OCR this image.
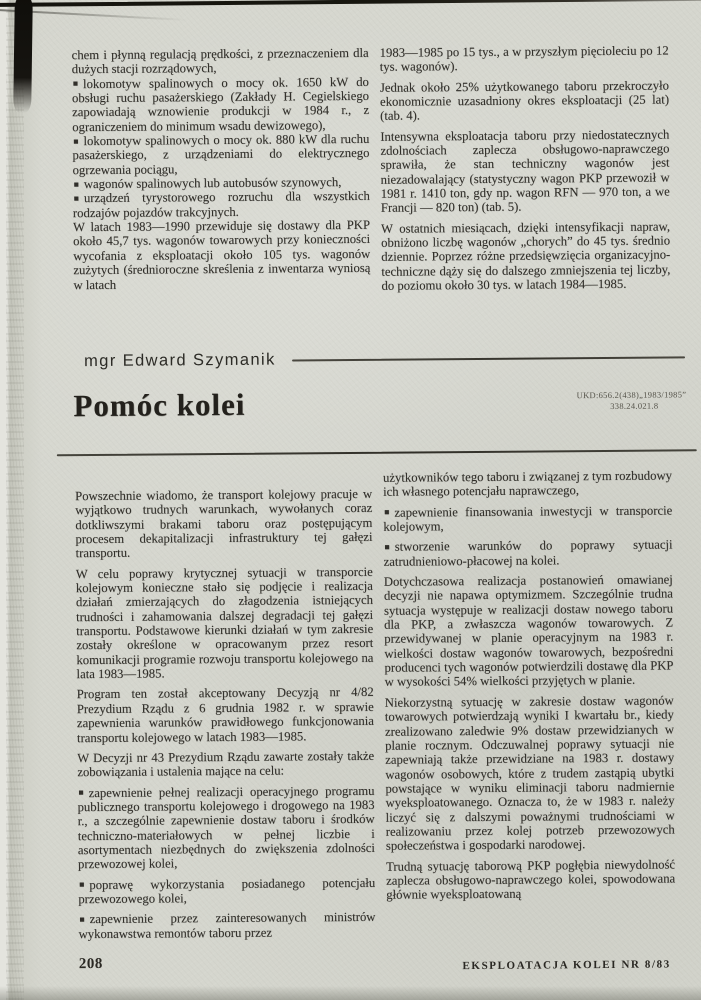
chem i płynną regulacją prędkości, z przeznaczeniem dla dużych stacji rozrządowych,

■ lokomotyw spalinowych o mocy ok. 1650 kW do obsługi ruchu pasażerskiego (Zakłady H. Cegielskiego zapowiadają wznowienie produkcji w 1984 r., z ograniczeniem do minimum wsadu dewizowego),

■ lokomotyw spalinowych o mocy ok. 880 kW dla ruchu pasażerskiego, z urządzeniami do elektrycznego ogrzewania pociągu,

■ wagonów spalinowych lub autobusów szynowych,

■ urządzeń tyrystorowego rozruchu dla wszystkich rodzajów pojazdów trakcyjnych.

W latach 1983—1990 przewiduje się dostawy dla PKP około 45,7 tys. wagonów towarowych przy konieczności wycofania z eksploatacji około 105 tys. wagonów zużytych (średnioroczne skreślenia z inwentarza wyniosą w latach

1983—1985 po 15 tys., a w przyszłym pięcioleciu po 12 tys. wagonów).

Jednak około 25% użytkowanego taboru przekroczyło ekonomicznie uzasadniony okres eksploatacji (25 lat) (tab. 4).

Intensywna eksploatacja taboru przy niedostatecznych zdolnościach zaplecza obsługowo-naprawczego sprawiła, że stan techniczny wagonów jest niezadowalający (statystyczny wagon PKP przewoził w 1981 r. 1410 ton, gdy np. wagon RFN — 970 ton, a we Francji — 820 ton) (tab. 5).

W ostatnich miesiącach, dzięki intensyfikacji napraw, obniżono liczbę wagonów „chorych” do 45 tys. średnio dziennie. Poprzez różne przedsięwzięcia organizacyjno-techniczne dąży się do dalszego zmniejszenia tej liczby, do poziomu około 30 tys. w latach 1984—1985.

mgr Edward Szymanik
Pomóc kolei	UKD:656.2(438)„1983/1985”
338.24.021.8

Powszechnie wiadomo, że transport kolejowy pracuje w wyjątkowo trudnych warunkach, wywołanych coraz dotkliwszymi brakami taboru oraz postępującym procesem dekapitalizacji infrastruktury tej gałęzi transportu.

W celu poprawy krytycznej sytuacji w transporcie kolejowym konieczne stało się podjęcie i realizacja działań zmierzających do złagodzenia istniejących trudności i zahamowania dalszej degradacji tej gałęzi transportu. Podstawowe kierunki działań w tym zakresie zostały określone w opracowanym przez resort komunikacji programie rozwoju transportu kolejowego na lata 1983—1985.

Program ten został akceptowany Decyzją nr 4/82 Prezydium Rządu z 6 grudnia 1982 r. w sprawie zapewnienia warunków prawidłowego funkcjonowania transportu kolejowego w latach 1983—1985.

W Decyzji nr 43 Prezydium Rządu zawarte zostały także zobowiązania i ustalenia mające na celu:

■ zapewnienie pełnej realizacji operacyjnego programu publicznego transportu kolejowego i drogowego na 1983 r., a szczególnie zapewnienie dostaw taboru i środków techniczno-materiałowych w pełnej liczbie i asortymentach niezbędnych do zwiększenia zdolności przewozowej kolei,

■ poprawę wykorzystania posiadanego potencjału przewozowego kolei,

■ zapewnienie przez zainteresowanych ministrów wykonawstwa remontów taboru przez

użytkowników tego taboru i związanej z tym rozbudowy ich własnego potencjału naprawczego,

■ zapewnienie finansowania inwestycji w transporcie kolejowym,

■ stworzenie warunków do poprawy sytuacji zatrudnieniowo-płacowej na kolei.

Dotychczasowa realizacja postanowień omawianej decyzji nie napawa optymizmem. Szczególnie trudna sytuacja występuje w realizacji dostaw nowego taboru dla PKP, a zwłaszcza wagonów towarowych. Z przewidywanej w planie operacyjnym na 1983 r. wielkości dostaw wagonów towarowych, bezpośredni producenci tych wagonów potwierdzili dostawę dla PKP w wysokości 54% wielkości przyjętych w planie.

Niekorzystną sytuację w zakresie dostaw wagonów towarowych potwierdzają wyniki I kwartału br., kiedy zrealizowano zaledwie 9% dostaw przewidzianych w planie rocznym. Odczuwalnej poprawy sytuacji nie zapewniają także przewidziane na 1983 r. dostawy wagonów osobowych, które z trudem zastąpią ubytki powstające w wyniku eliminacji taboru nadmiernie wyeksploatowanego. Oznacza to, że w 1983 r. należy liczyć się z dalszymi poważnymi trudnościami w realizowaniu przez kolej potrzeb przewozowych społeczeństwa i gospodarki narodowej.

Trudną sytuację taborową PKP pogłębia niewydolność zaplecza obsługowo-naprawczego kolei, spowodowana głównie wyeksploatowaną

208	EKSPLOATACJA KOLEI NR 8/83
